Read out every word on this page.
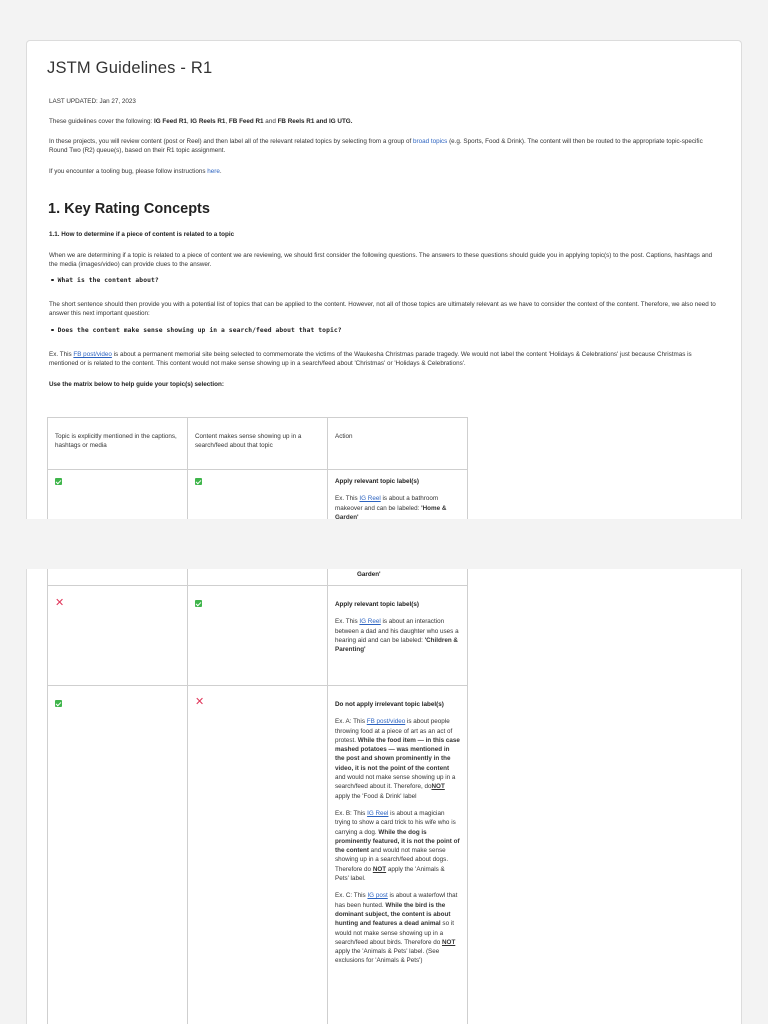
JSTM Guidelines - R1
LAST UPDATED: Jan 27, 2023
These guidelines cover the following: IG Feed R1, IG Reels R1, FB Feed R1 and FB Reels R1 and IG UTG.
In these projects, you will review content (post or Reel) and then label all of the relevant related topics by selecting from a group of broad topics (e.g. Sports, Food & Drink). The content will then be routed to the appropriate topic-specific Round Two (R2) queue(s), based on their R1 topic assignment.
If you encounter a tooling bug, please follow instructions here.
1. Key Rating Concepts
1.1. How to determine if a piece of content is related to a topic
When we are determining if a topic is related to a piece of content we are reviewing, we should first consider the following questions. The answers to these questions should guide you in applying topic(s) to the post. Captions, hashtags and the media (images/video) can provide clues to the answer.
What is the content about?
The short sentence should then provide you with a potential list of topics that can be applied to the content. However, not all of those topics are ultimately relevant as we have to consider the context of the content. Therefore, we also need to answer this next important question:
Does the content make sense showing up in a search/feed about that topic?
Ex. This FB post/video is about a permanent memorial site being selected to commemorate the victims of the Waukesha Christmas parade tragedy. We would not label the content 'Holidays & Celebrations' just because Christmas is mentioned or is related to the content. This content would not make sense showing up in a search/feed about 'Christmas' or 'Holidays & Celebrations'.
Use the matrix below to help guide your topic(s) selection:
Topic is explicitly mentioned in the captions, hashtags or media	Content makes sense showing up in a search/feed about that topic	Action

		Apply relevant topic label(s)
Ex. This IG Reel is about a bathroom makeover and can be labeled: 'Home & Garden'

✕		Apply relevant topic label(s)
Ex. This IG Reel is about an interaction between a dad and his daughter who uses a hearing aid and can be labeled: 'Children & Parenting'

	✕	Do not apply irrelevant topic label(s)
Ex. A: This FB post/video is about people throwing food at a piece of art as an act of protest. While the food item — in this case mashed potatoes — was mentioned in the post and shown prominently in the video, it is not the point of the content and would not make sense showing up in a search/feed about it. Therefore, doNOT apply the 'Food & Drink' label
Ex. B: This IG Reel is about a magician trying to show a card trick to his wife who is carrying a dog. While the dog is prominently featured, it is not the point of the content and would not make sense showing up in a search/feed about dogs. Therefore do NOT apply the 'Animals & Pets' label.
Ex. C: This IG post is about a waterfowl that has been hunted. While the bird is the dominant subject, the content is about hunting and features a dead animal so it would not make sense showing up in a search/feed about birds. Therefore do NOT apply the 'Animals & Pets' label. (See exclusions for 'Animals & Pets')
Garden'
